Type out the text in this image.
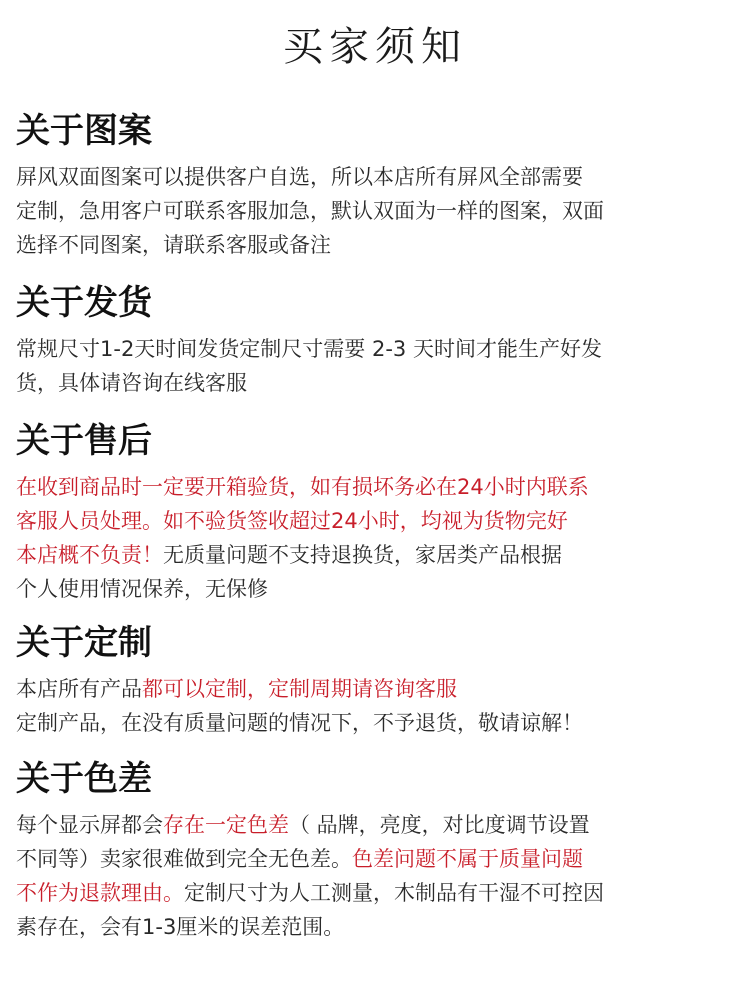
买家须知
关于图案
屏风双面图案可以提供客户自选，所以本店所有屏风全部需要
定制，急用客户可联系客服加急，默认双面为一样的图案，双面
选择不同图案，请联系客服或备注
关于发货
常规尺寸1-2天时间发货定制尺寸需要 2-3 天时间才能生产好发
货，具体请咨询在线客服
关于售后
在收到商品时一定要开箱验货，如有损坏务必在24小时内联系
客服人员处理。如不验货签收超过24小时，均视为货物完好
本店概不负责！无质量问题不支持退换货，家居类产品根据
个人使用情况保养，无保修
关于定制
本店所有产品都可以定制，定制周期请咨询客服
定制产品，在没有质量问题的情况下，不予退货，敬请谅解！
关于色差
每个显示屏都会存在一定色差（ 品牌，亮度，对比度调节设置
不同等）卖家很难做到完全无色差。色差问题不属于质量问题
不作为退款理由。定制尺寸为人工测量，木制品有干湿不可控因
素存在，会有1-3厘米的误差范围。
